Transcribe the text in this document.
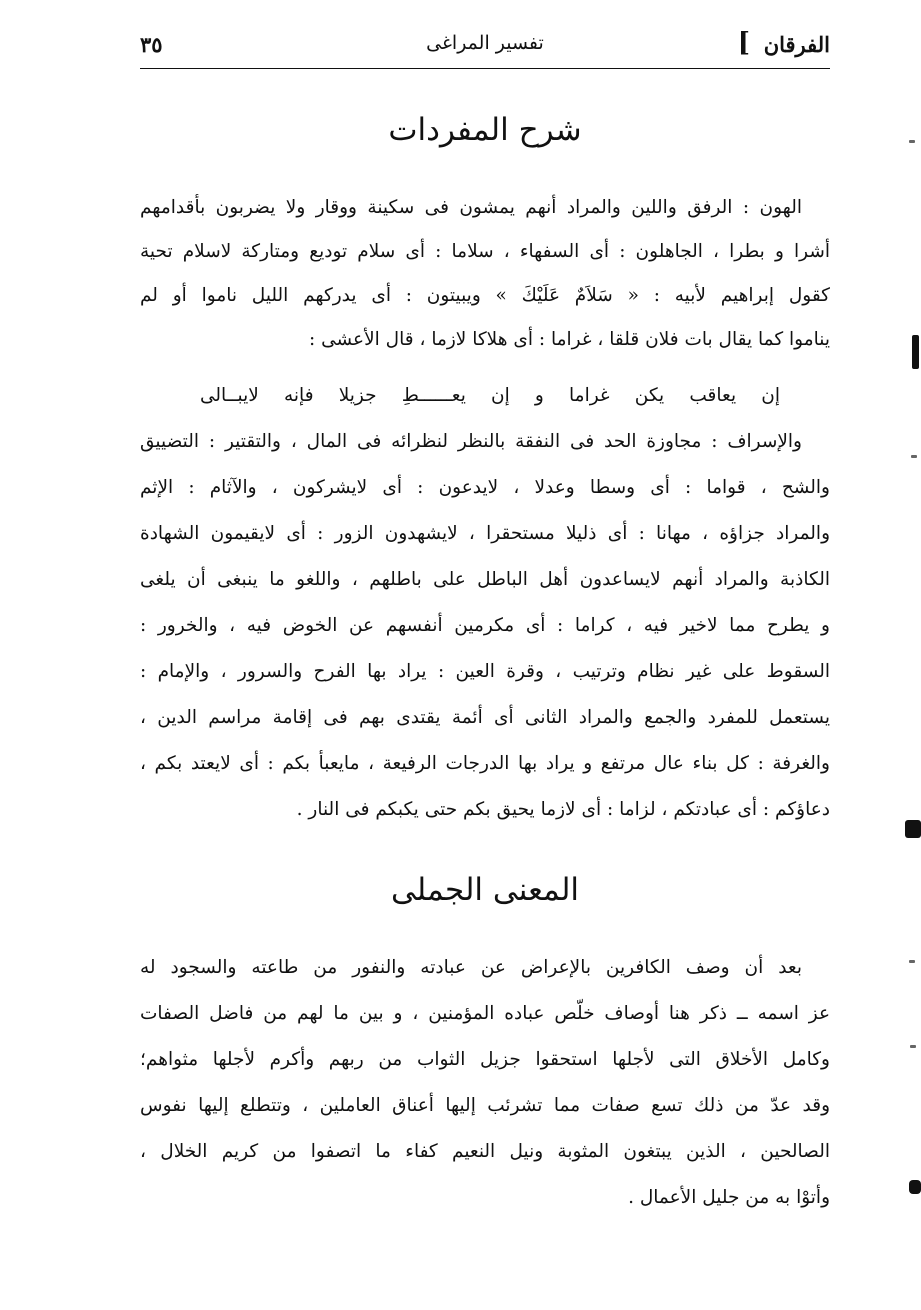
الفرقان
]
تفسير المراغى
٣٥
شرح المفردات
الهون : الرفق واللين والمراد أنهم يمشون فى سكينة ووقار ولا يضربون بأقدامهم
أشرا و بطرا ، الجاهلون : أى السفهاء ، سلاما : أى سلام توديع ومتاركة لاسلام تحية
كقول إبراهيم لأبيه : « سَلاَمٌ عَلَيْكَ » ويبيتون : أى يدركهم الليل ناموا أو لم
يناموا كما يقال بات فلان قلقا ، غراما : أى هلاكا لازما ، قال الأعشى :
إن يعاقب يكن غراما و إن يعــــــطِ جزيلا فإنه لايبــالى
والإسراف : مجاوزة الحد فى النفقة بالنظر لنظرائه فى المال ، والتقتير : التضييق
والشح ، قواما : أى وسطا وعدلا ، لايدعون : أى لايشركون ، والآثام : الإثم
والمراد جزاؤه ، مهانا : أى ذليلا مستحقرا ، لايشهدون الزور : أى لايقيمون الشهادة
الكاذبة والمراد أنهم لايساعدون أهل الباطل على باطلهم ، واللغو ما ينبغى أن يلغى
و يطرح مما لاخير فيه ، كراما : أى مكرمين أنفسهم عن الخوض فيه ، والخرور :
السقوط على غير نظام وترتيب ، وقرة العين : يراد بها الفرح والسرور ، والإمام :
يستعمل للمفرد والجمع والمراد الثانى أى أئمة يقتدى بهم فى إقامة مراسم الدين ،
والغرفة : كل بناء عال مرتفع و يراد بها الدرجات الرفيعة ، مايعبأ بكم : أى لايعتد بكم ،
دعاؤكم : أى عبادتكم ، لزاما : أى لازما يحيق بكم حتى يكبكم فى النار .
المعنى الجملى
بعد أن وصف الكافرين بالإعراض عن عبادته والنفور من طاعته والسجود له
عز اسمه ــ ذكر هنا أوصاف خلّص عباده المؤمنين ، و بين ما لهم من فاضل الصفات
وكامل الأخلاق التى لأجلها استحقوا جزيل الثواب من ربهم وأكرم لأجلها مثواهم؛
وقد عدّ من ذلك تسع صفات مما تشرئب إليها أعناق العاملين ، وتتطلع إليها نفوس
الصالحين ، الذين يبتغون المثوبة ونيل النعيم كفاء ما اتصفوا من كريم الخلال ،
وأتوْا به من جليل الأعمال .
